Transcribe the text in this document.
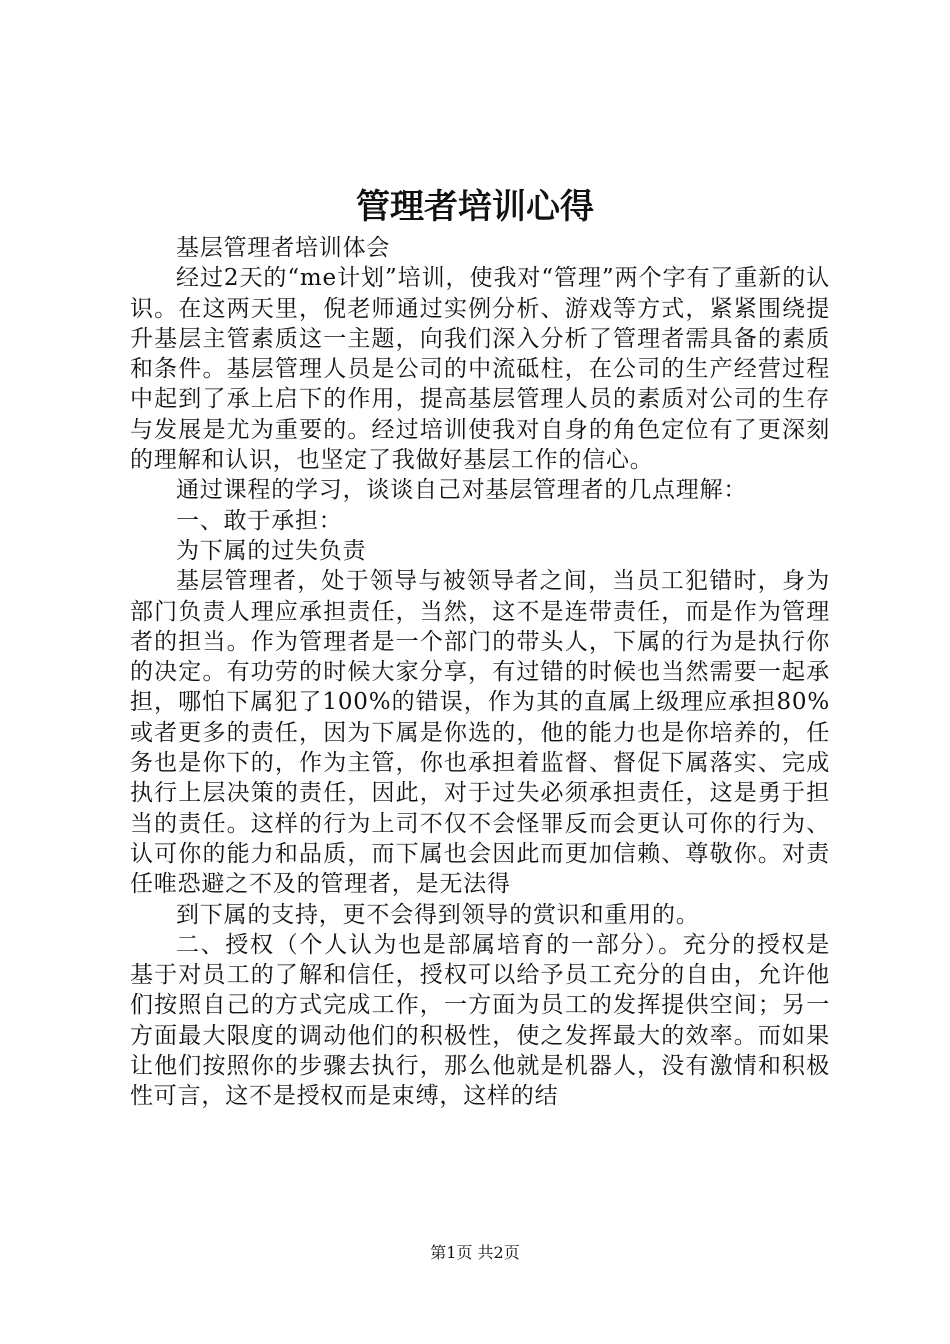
管理者培训心得

基层管理者培训体会

经过2天的“me计划”培训，使我对“管理”两个字有了重新的认识。在这两天里，倪老师通过实例分析、游戏等方式，紧紧围绕提升基层主管素质这一主题，向我们深入分析了管理者需具备的素质和条件。基层管理人员是公司的中流砥柱，在公司的生产经营过程中起到了承上启下的作用，提高基层管理人员的素质对公司的生存与发展是尤为重要的。经过培训使我对自身的角色定位有了更深刻的理解和认识，也坚定了我做好基层工作的信心。

通过课程的学习，谈谈自己对基层管理者的几点理解：

一、敢于承担：

为下属的过失负责

基层管理者，处于领导与被领导者之间，当员工犯错时，身为部门负责人理应承担责任，当然，这不是连带责任，而是作为管理者的担当。作为管理者是一个部门的带头人，下属的行为是执行你的决定。有功劳的时候大家分享，有过错的时候也当然需要一起承担，哪怕下属犯了100%的错误，作为其的直属上级理应承担80%或者更多的责任，因为下属是你选的，他的能力也是你培养的，任务也是你下的，作为主管，你也承担着监督、督促下属落实、完成执行上层决策的责任，因此，对于过失必须承担责任，这是勇于担当的责任。这样的行为上司不仅不会怪罪反而会更认可你的行为、认可你的能力和品质，而下属也会因此而更加信赖、尊敬你。对责任唯恐避之不及的管理者，是无法得

到下属的支持，更不会得到领导的赏识和重用的。

二、授权（个人认为也是部属培育的一部分）。充分的授权是基于对员工的了解和信任，授权可以给予员工充分的自由，允许他们按照自己的方式完成工作，一方面为员工的发挥提供空间；另一方面最大限度的调动他们的积极性，使之发挥最大的效率。而如果让他们按照你的步骤去执行，那么他就是机器人，没有激情和积极性可言，这不是授权而是束缚，这样的结

第1页 共2页
